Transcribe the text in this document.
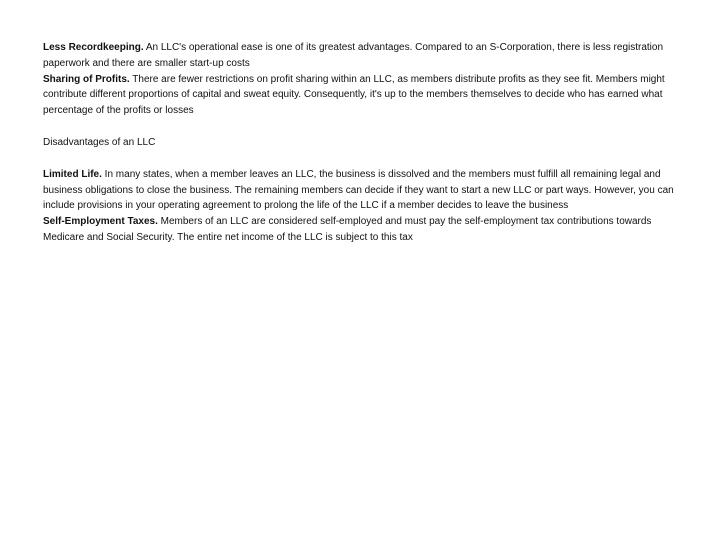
Less Recordkeeping. An LLC's operational ease is one of its greatest advantages. Compared to an S-Corporation, there is less registration paperwork and there are smaller start-up costs

Sharing of Profits. There are fewer restrictions on profit sharing within an LLC, as members distribute profits as they see fit. Members might contribute different proportions of capital and sweat equity. Consequently, it's up to the members themselves to decide who has earned what percentage of the profits or losses

Disadvantages of an LLC

Limited Life. In many states, when a member leaves an LLC, the business is dissolved and the members must fulfill all remaining legal and business obligations to close the business. The remaining members can decide if they want to start a new LLC or part ways. However, you can include provisions in your operating agreement to prolong the life of the LLC if a member decides to leave the business

Self-Employment Taxes. Members of an LLC are considered self-employed and must pay the self-employment tax contributions towards Medicare and Social Security. The entire net income of the LLC is subject to this tax
